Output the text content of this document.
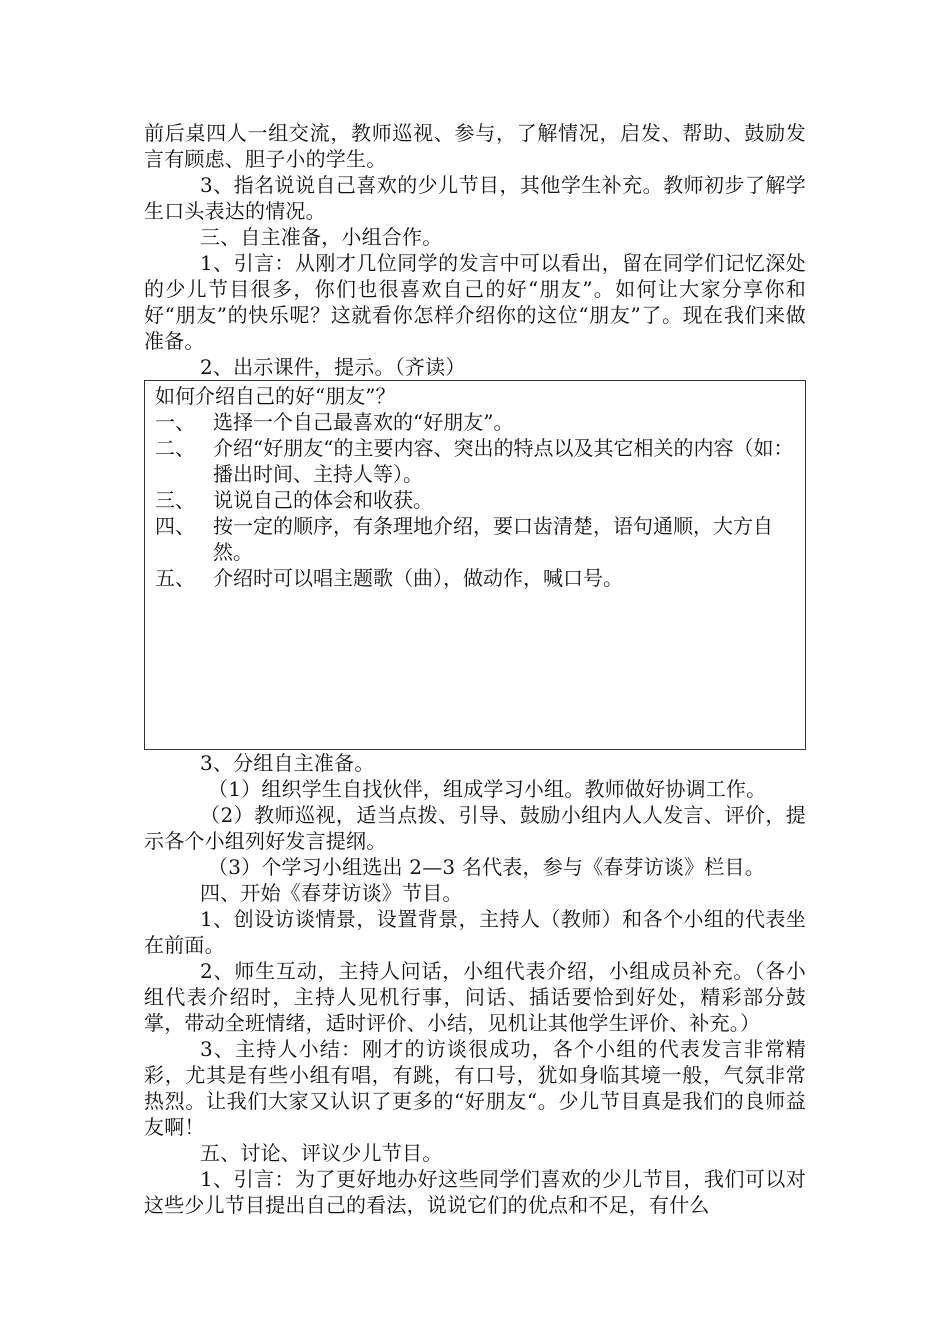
前后桌四人一组交流，教师巡视、参与，了解情况，启发、帮助、鼓励发言有顾虑、胆子小的学生。

3、指名说说自己喜欢的少儿节目，其他学生补充。教师初步了解学生口头表达的情况。

三、自主准备，小组合作。

1、引言：从刚才几位同学的发言中可以看出，留在同学们记忆深处的少儿节目很多，你们也很喜欢自己的好“朋友”。如何让大家分享你和好“朋友”的快乐呢？这就看你怎样介绍你的这位“朋友”了。现在我们来做准备。

2、出示课件，提示。（齐读）

如何介绍自己的好“朋友”？
一、 选择一个自己最喜欢的“好朋友”。
二、 介绍“好朋友“的主要内容、突出的特点以及其它相关的内容（如：播出时间、主持人等）。
三、 说说自己的体会和收获。
四、 按一定的顺序，有条理地介绍，要口齿清楚，语句通顺，大方自然。
五、 介绍时可以唱主题歌（曲），做动作，喊口号。

3、分组自主准备。

（1）组织学生自找伙伴，组成学习小组。教师做好协调工作。

（2）教师巡视，适当点拨、引导、鼓励小组内人人发言、评价，提示各个小组列好发言提纲。

（3）个学习小组选出 2—3 名代表，参与《春芽访谈》栏目。

四、开始《春芽访谈》节目。

1、创设访谈情景，设置背景，主持人（教师）和各个小组的代表坐在前面。

2、师生互动，主持人问话，小组代表介绍，小组成员补充。（各小组代表介绍时，主持人见机行事，问话、插话要恰到好处，精彩部分鼓掌，带动全班情绪，适时评价、小结，见机让其他学生评价、补充。）

3、主持人小结：刚才的访谈很成功，各个小组的代表发言非常精彩，尤其是有些小组有唱，有跳，有口号，犹如身临其境一般，气氛非常热烈。让我们大家又认识了更多的“好朋友“。少儿节目真是我们的良师益友啊！

五、讨论、评议少儿节目。

1、引言：为了更好地办好这些同学们喜欢的少儿节目，我们可以对这些少儿节目提出自己的看法，说说它们的优点和不足，有什么
